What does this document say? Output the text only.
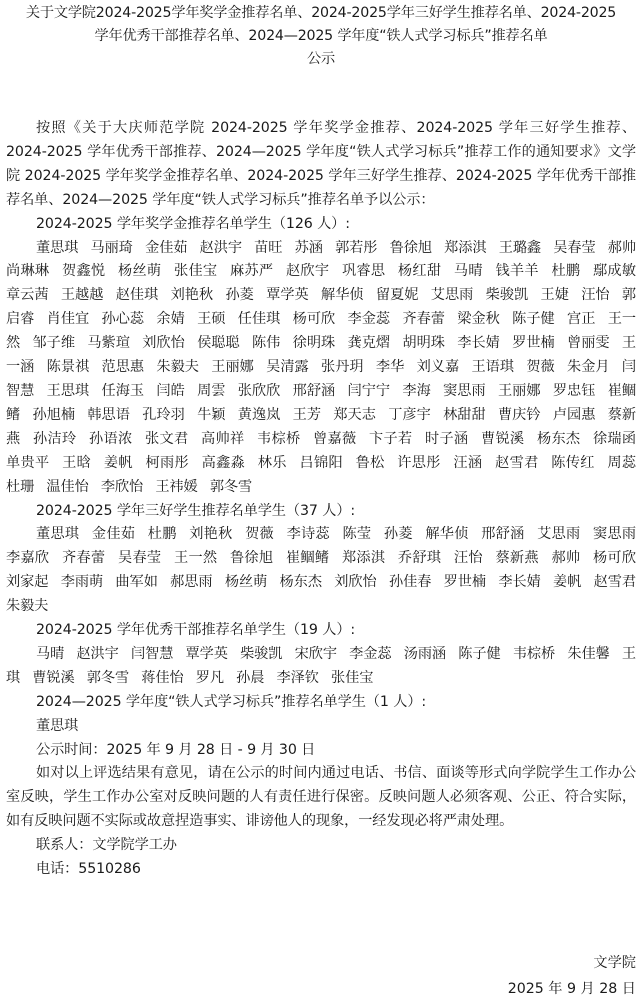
关于文学院2024-2025学年奖学金推荐名单、2024-2025学年三好学生推荐名单、2024-2025
学年优秀干部推荐名单、2024—2025 学年度“铁人式学习标兵”推荐名单
公示

按照《关于大庆师范学院 2024-2025 学年奖学金推荐、2024-2025 学年三好学生推荐、2024-2025 学年优秀干部推荐、2024—2025 学年度“铁人式学习标兵”推荐工作的通知要求》文学院 2024-2025 学年奖学金推荐名单、2024-2025 学年三好学生推荐、2024-2025 学年优秀干部推荐名单、2024—2025 学年度“铁人式学习标兵”推荐名单予以公示：

2024-2025 学年奖学金推荐名单学生（126 人）:

董思琪 马丽琦 金佳茹 赵洪宇 苗旺 苏涵 郭若彤 鲁徐旭 郑添淇 王璐鑫 吴春莹 郝帅 尚琳琳 贺鑫悦 杨丝萌 张佳宝 麻苏严 赵欣宇 巩睿思 杨红甜 马晴 钱羊羊 杜鹏 鄢成敏 章云茜 王越越 赵佳琪 刘艳秋 孙菱 覃学英 解华侦 留夏妮 艾思雨 柴骏凯 王婕 汪怡 郭启睿 肖佳宜 孙心蕊 余婧 王硕 任佳琪 杨可欣 李金蕊 齐春蕾 梁金秋 陈子健 宫正 王一然 邹子维 马紫瑄 刘欣怡 侯聪聪 陈伟 徐明珠 龚克熠 胡明珠 李长婧 罗世楠 曾丽雯 王一涵 陈景祺 范思惠 朱毅夫 王丽娜 吴清露 张丹玥 李华 刘义嘉 王语琪 贺薇 朱金月 闫智慧 王思琪 任海玉 闫皓 周雲 张欣欣 邢舒涵 闫宁宁 李海 窦思雨 王丽娜 罗忠钰 崔鲴鳍 孙旭楠 韩思语 孔玲羽 牛颖 黄逸岚 王芳 郑天志 丁彦宇 林甜甜 曹庆钤 卢园惠 蔡新燕 孙洁玲 孙语浓 张文君 高帅祥 韦棕桥 曾嘉薇 卞子若 时子涵 曹锐溪 杨东杰 徐瑞函 单贵平 王晗 姜帆 柯雨彤 高鑫淼 林乐 吕锦阳 鲁松 许思彤 汪涵 赵雪君 陈传红 周蕊 杜珊 温佳怡 李欣怡 王祎媛 郭冬雪

2024-2025 学年三好学生推荐名单学生（37 人）:

董思琪 金佳茹 杜鹏 刘艳秋 贺薇 李诗蕊 陈莹 孙菱 解华侦 邢舒涵 艾思雨 窦思雨 李嘉欣 齐春蕾 吴春莹 王一然 鲁徐旭 崔鲴鳍 郑添淇 乔舒琪 汪怡 蔡新燕 郝帅 杨可欣 刘家起 李雨萌 曲军如 郝思雨 杨丝萌 杨东杰 刘欣怡 孙佳春 罗世楠 李长婧 姜帆 赵雪君 朱毅夫

2024-2025 学年优秀干部推荐名单学生（19 人）:

马晴 赵洪宇 闫智慧 覃学英 柴骏凯 宋欣宇 李金蕊 汤雨涵 陈子健 韦棕桥 朱佳馨 王琪 曹锐溪 郭冬雪 蒋佳怡 罗凡 孙晨 李泽钦 张佳宝

2024—2025 学年度“铁人式学习标兵”推荐名单学生（1 人）:

董思琪

公示时间：2025 年 9 月 28 日 - 9 月 30 日

如对以上评选结果有意见，请在公示的时间内通过电话、书信、面谈等形式向学院学生工作办公室反映，学生工作办公室对反映问题的人有责任进行保密。反映问题人必须客观、公正、符合实际，如有反映问题不实际或故意捏造事实、诽谤他人的现象，一经发现必将严肃处理。

联系人：文学院学工办

电话：5510286

文学院
2025 年 9 月 28 日
